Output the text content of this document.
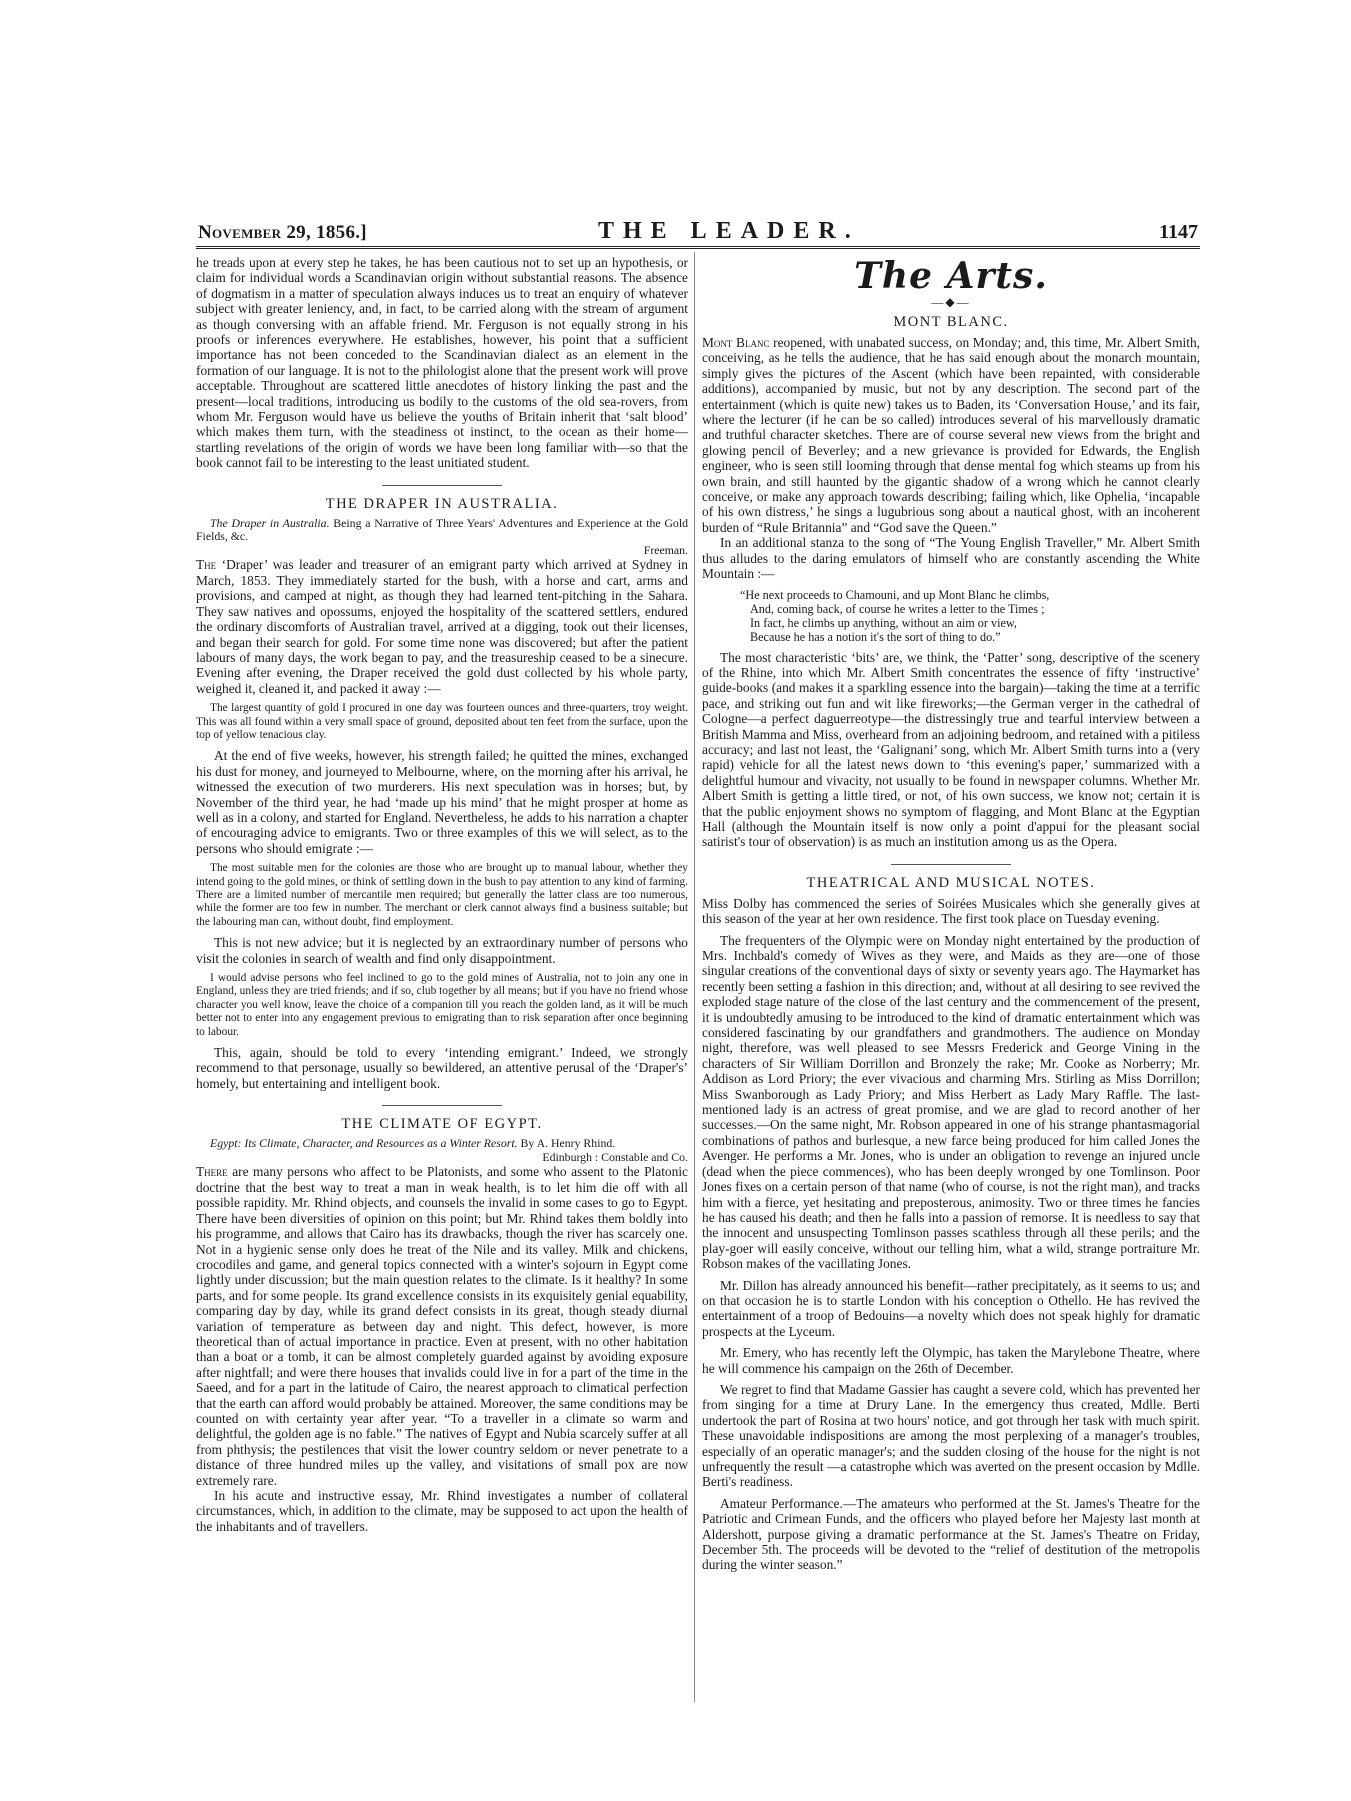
November 29, 1856.]	THE LEADER.	1147

he treads upon at every step he takes, he has been cautious not to set up an hypothesis, or claim for individual words a Scandinavian origin without substantial reasons. The absence of dogmatism in a matter of speculation always induces us to treat an enquiry of whatever subject with greater leniency, and, in fact, to be carried along with the stream of argument as though conversing with an affable friend. Mr. Ferguson is not equally strong in his proofs or inferences everywhere. He establishes, however, his point that a sufficient importance has not been conceded to the Scandinavian dialect as an element in the formation of our language. It is not to the philologist alone that the present work will prove acceptable. Throughout are scattered little anecdotes of history linking the past and the present—local traditions, introducing us bodily to the customs of the old sea-rovers, from whom Mr. Ferguson would have us believe the youths of Britain inherit that ‘salt blood’ which makes them turn, with the steadiness ot instinct, to the ocean as their home—startling revelations of the origin of words we have been long familiar with—so that the book cannot fail to be interesting to the least unitiated student.

THE DRAPER IN AUSTRALIA.

The Draper in Australia. Being a Narrative of Three Years' Adventures and Experience at the Gold Fields, &c.

Freeman.

The ‘Draper’ was leader and treasurer of an emigrant party which arrived at Sydney in March, 1853. They immediately started for the bush, with a horse and cart, arms and provisions, and camped at night, as though they had learned tent-pitching in the Sahara. They saw natives and opossums, enjoyed the hospitality of the scattered settlers, endured the ordinary discomforts of Australian travel, arrived at a digging, took out their licenses, and began their search for gold. For some time none was discovered; but after the patient labours of many days, the work began to pay, and the treasureship ceased to be a sinecure. Evening after evening, the Draper received the gold dust collected by his whole party, weighed it, cleaned it, and packed it away :—

The largest quantity of gold I procured in one day was fourteen ounces and three-quarters, troy weight. This was all found within a very small space of ground, deposited about ten feet from the surface, upon the top of yellow tenacious clay.

At the end of five weeks, however, his strength failed; he quitted the mines, exchanged his dust for money, and journeyed to Melbourne, where, on the morning after his arrival, he witnessed the execution of two murderers. His next speculation was in horses; but, by November of the third year, he had ‘made up his mind’ that he might prosper at home as well as in a colony, and started for England. Nevertheless, he adds to his narration a chapter of encouraging advice to emigrants. Two or three examples of this we will select, as to the persons who should emigrate :—

The most suitable men for the colonies are those who are brought up to manual labour, whether they intend going to the gold mines, or think of settling down in the bush to pay attention to any kind of farming. There are a limited number of mercantile men required; but generally the latter class are too numerous, while the former are too few in number. The merchant or clerk cannot always find a business suitable; but the labouring man can, without doubt, find employment.

This is not new advice; but it is neglected by an extraordinary number of persons who visit the colonies in search of wealth and find only disappointment.

I would advise persons who feel inclined to go to the gold mines of Australia, not to join any one in England, unless they are tried friends; and if so, club together by all means; but if you have no friend whose character you well know, leave the choice of a companion till you reach the golden land, as it will be much better not to enter into any engagement previous to emigrating than to risk separation after once beginning to labour.

This, again, should be told to every ‘intending emigrant.’ Indeed, we strongly recommend to that personage, usually so bewildered, an attentive perusal of the ‘Draper's’ homely, but entertaining and intelligent book.

THE CLIMATE OF EGYPT.

Egypt: Its Climate, Character, and Resources as a Winter Resort. By A. Henry Rhind.

Edinburgh : Constable and Co.

There are many persons who affect to be Platonists, and some who assent to the Platonic doctrine that the best way to treat a man in weak health, is to let him die off with all possible rapidity. Mr. Rhind objects, and counsels the invalid in some cases to go to Egypt. There have been diversities of opinion on this point; but Mr. Rhind takes them boldly into his programme, and allows that Cairo has its drawbacks, though the river has scarcely one. Not in a hygienic sense only does he treat of the Nile and its valley. Milk and chickens, crocodiles and game, and general topics connected with a winter's sojourn in Egypt come lightly under discussion; but the main question relates to the climate. Is it healthy? In some parts, and for some people. Its grand excellence consists in its exquisitely genial equability, comparing day by day, while its grand defect consists in its great, though steady diurnal variation of temperature as between day and night. This defect, however, is more theoretical than of actual importance in practice. Even at present, with no other habitation than a boat or a tomb, it can be almost completely guarded against by avoiding exposure after nightfall; and were there houses that invalids could live in for a part of the time in the Saeed, and for a part in the latitude of Cairo, the nearest approach to climatical perfection that the earth can afford would probably be attained. Moreover, the same conditions may be counted on with certainty year after year. “To a traveller in a climate so warm and delightful, the golden age is no fable.” The natives of Egypt and Nubia scarcely suffer at all from phthysis; the pestilences that visit the lower country seldom or never penetrate to a distance of three hundred miles up the valley, and visitations of small pox are now extremely rare.

In his acute and instructive essay, Mr. Rhind investigates a number of collateral circumstances, which, in addition to the climate, may be supposed to act upon the health of the inhabitants and of travellers.

The Arts.
—◆—
MONT BLANC.

Mont Blanc reopened, with unabated success, on Monday; and, this time, Mr. Albert Smith, conceiving, as he tells the audience, that he has said enough about the monarch mountain, simply gives the pictures of the Ascent (which have been repainted, with considerable additions), accompanied by music, but not by any description. The second part of the entertainment (which is quite new) takes us to Baden, its ‘Conversation House,’ and its fair, where the lecturer (if he can be so called) introduces several of his marvellously dramatic and truthful character sketches. There are of course several new views from the bright and glowing pencil of Beverley; and a new grievance is provided for Edwards, the English engineer, who is seen still looming through that dense mental fog which steams up from his own brain, and still haunted by the gigantic shadow of a wrong which he cannot clearly conceive, or make any approach towards describing; failing which, like Ophelia, ‘incapable of his own distress,’ he sings a lugubrious song about a nautical ghost, with an incoherent burden of “Rule Britannia” and “God save the Queen.”

In an additional stanza to the song of “The Young English Traveller,” Mr. Albert Smith thus alludes to the daring emulators of himself who are constantly ascending the White Mountain :—

“He next proceeds to Chamouni, and up Mont Blanc he climbs,
And, coming back, of course he writes a letter to the Times ;
In fact, he climbs up anything, without an aim or view,
Because he has a notion it's the sort of thing to do.”

The most characteristic ‘bits’ are, we think, the ‘Patter’ song, descriptive of the scenery of the Rhine, into which Mr. Albert Smith concentrates the essence of fifty ‘instructive’ guide-books (and makes it a sparkling essence into the bargain)—taking the time at a terrific pace, and striking out fun and wit like fireworks;—the German verger in the cathedral of Cologne—a perfect daguerreotype—the distressingly true and tearful interview between a British Mamma and Miss, overheard from an adjoining bedroom, and retained with a pitiless accuracy; and last not least, the ‘Galignani’ song, which Mr. Albert Smith turns into a (very rapid) vehicle for all the latest news down to ‘this evening's paper,’ summarized with a delightful humour and vivacity, not usually to be found in newspaper columns. Whether Mr. Albert Smith is getting a little tired, or not, of his own success, we know not; certain it is that the public enjoyment shows no symptom of flagging, and Mont Blanc at the Egyptian Hall (although the Mountain itself is now only a point d'appui for the pleasant social satirist's tour of observation) is as much an institution among us as the Opera.

THEATRICAL AND MUSICAL NOTES.

Miss Dolby has commenced the series of Soirées Musicales which she generally gives at this season of the year at her own residence. The first took place on Tuesday evening.

The frequenters of the Olympic were on Monday night entertained by the production of Mrs. Inchbald's comedy of Wives as they were, and Maids as they are—one of those singular creations of the conventional days of sixty or seventy years ago. The Haymarket has recently been setting a fashion in this direction; and, without at all desiring to see revived the exploded stage nature of the close of the last century and the commencement of the present, it is undoubtedly amusing to be introduced to the kind of dramatic entertainment which was considered fascinating by our grandfathers and grandmothers. The audience on Monday night, therefore, was well pleased to see Messrs Frederick and George Vining in the characters of Sir William Dorrillon and Bronzely the rake; Mr. Cooke as Norberry; Mr. Addison as Lord Priory; the ever vivacious and charming Mrs. Stirling as Miss Dorrillon; Miss Swanborough as Lady Priory; and Miss Herbert as Lady Mary Raffle. The last-mentioned lady is an actress of great promise, and we are glad to record another of her successes.—On the same night, Mr. Robson appeared in one of his strange phantasmagorial combinations of pathos and burlesque, a new farce being produced for him called Jones the Avenger. He performs a Mr. Jones, who is under an obligation to revenge an injured uncle (dead when the piece commences), who has been deeply wronged by one Tomlinson. Poor Jones fixes on a certain person of that name (who of course, is not the right man), and tracks him with a fierce, yet hesitating and preposterous, animosity. Two or three times he fancies he has caused his death; and then he falls into a passion of remorse. It is needless to say that the innocent and unsuspecting Tomlinson passes scathless through all these perils; and the play-goer will easily conceive, without our telling him, what a wild, strange portraiture Mr. Robson makes of the vacillating Jones.

Mr. Dillon has already announced his benefit—rather precipitately, as it seems to us; and on that occasion he is to startle London with his conception o Othello. He has revived the entertainment of a troop of Bedouins—a novelty which does not speak highly for dramatic prospects at the Lyceum.

Mr. Emery, who has recently left the Olympic, has taken the Marylebone Theatre, where he will commence his campaign on the 26th of December.

We regret to find that Madame Gassier has caught a severe cold, which has prevented her from singing for a time at Drury Lane. In the emergency thus created, Mdlle. Berti undertook the part of Rosina at two hours' notice, and got through her task with much spirit. These unavoidable indispositions are among the most perplexing of a manager's troubles, especially of an operatic manager's; and the sudden closing of the house for the night is not unfrequently the result —a catastrophe which was averted on the present occasion by Mdlle. Berti's readiness.

Amateur Performance.—The amateurs who performed at the St. James's Theatre for the Patriotic and Crimean Funds, and the officers who played before her Majesty last month at Aldershott, purpose giving a dramatic performance at the St. James's Theatre on Friday, December 5th. The proceeds will be devoted to the “relief of destitution of the metropolis during the winter season.”
